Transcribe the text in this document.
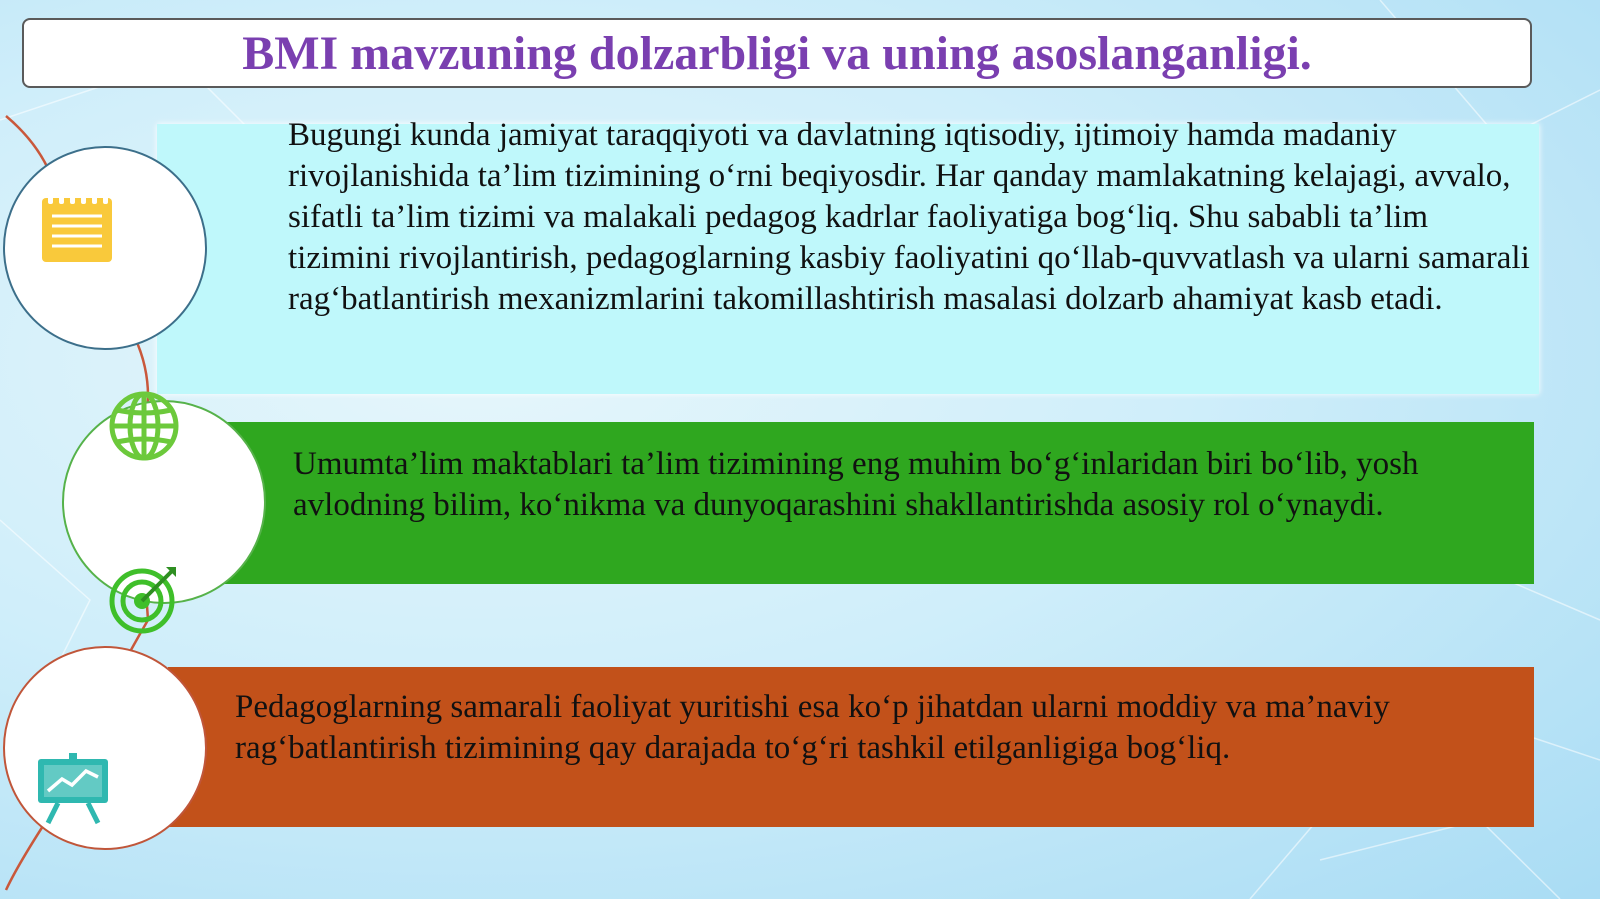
BMI mavzuning dolzarbligi va uning asoslanganligi.

Bugungi kunda jamiyat taraqqiyoti va davlatning iqtisodiy, ijtimoiy hamda madaniy rivojlanishida ta’lim tizimining o‘rni beqiyosdir. Har qanday mamlakatning kelajagi, avvalo, sifatli ta’lim tizimi va malakali pedagog kadrlar faoliyatiga bog‘liq. Shu sababli ta’lim tizimini rivojlantirish, pedagoglarning kasbiy faoliyatini qo‘llab-quvvatlash va ularni samarali rag‘batlantirish mexanizmlarini takomillashtirish masalasi dolzarb ahamiyat kasb etadi.

Umumta’lim maktablari ta’lim tizimining eng muhim bo‘g‘inlaridan biri bo‘lib, yosh avlodning bilim, ko‘nikma va dunyoqarashini shakllantirishda asosiy rol o‘ynaydi.

Pedagoglarning samarali faoliyat yuritishi esa ko‘p jihatdan ularni moddiy va ma’naviy rag‘batlantirish tizimining qay darajada to‘g‘ri tashkil etilganligiga bog‘liq.
